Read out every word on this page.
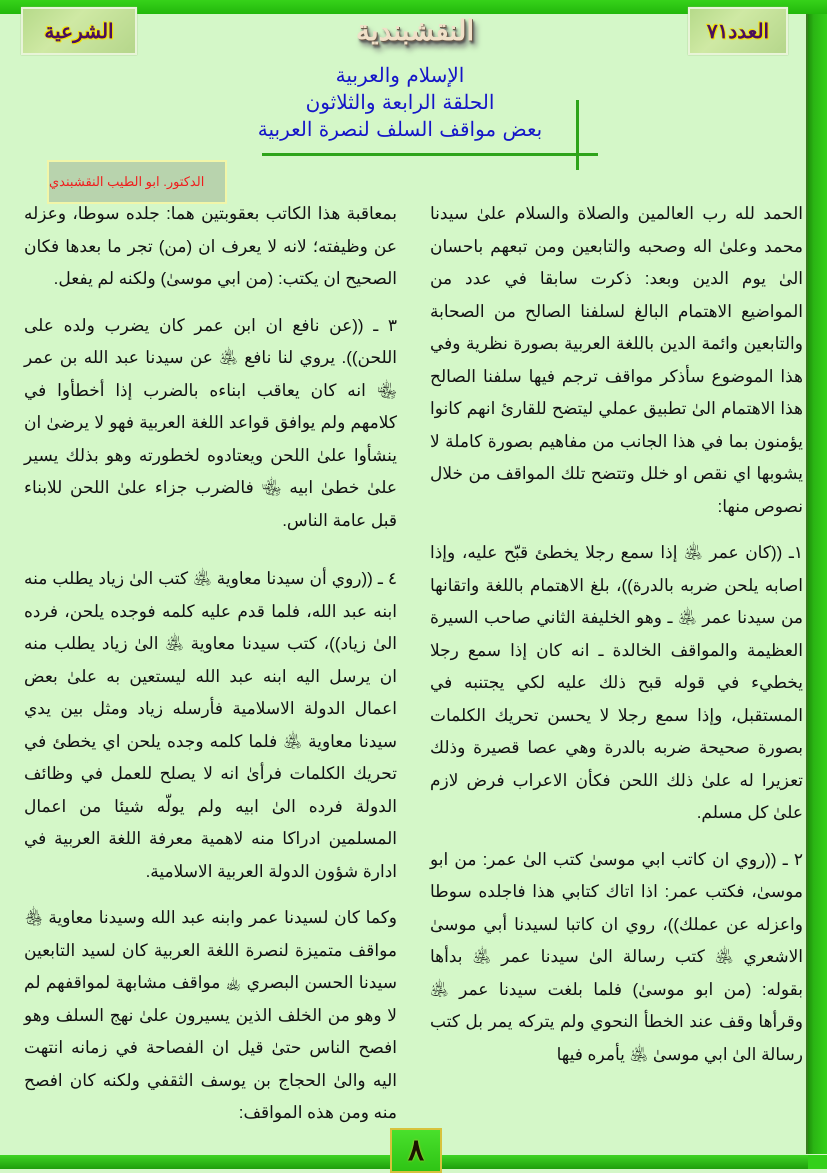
الشرعية	العدد٧١
النقشبندية
الإسلام والعربية
الحلقة الرابعة والثلاثون
بعض مواقف السلف لنصرة العربية
الدكتور. ابو الطيب النقشبندي

الحمد لله رب العالمين والصلاة والسلام علىٰ سيدنا محمد وعلىٰ اله وصحبه والتابعين ومن تبعهم باحسان الىٰ يوم الدين وبعد: ذكرت سابقا في عدد من المواضيع الاهتمام البالغ لسلفنا الصالح من الصحابة والتابعين وائمة الدين باللغة العربية بصورة نظرية وفي هذا الموضوع سأذكر مواقف ترجم فيها سلفنا الصالح هذا الاهتمام الىٰ تطبيق عملي ليتضح للقارئ انهم كانوا يؤمنون بما في هذا الجانب من مفاهيم بصورة كاملة لا يشوبها اي نقص او خلل وتتضح تلك المواقف من خلال نصوص منها:

١ـ ((كان عمر ﵁ إذا سمع رجلا يخطئ قبّح عليه، وإذا اصابه يلحن ضربه بالدرة))، بلغ الاهتمام باللغة واتقانها من سيدنا عمر ﵁ ـ وهو الخليفة الثاني صاحب السيرة العظيمة والمواقف الخالدة ـ انه كان إذا سمع رجلا يخطيء في قوله قبح ذلك عليه لكي يجتنبه في المستقبل، وإذا سمع رجلا لا يحسن تحريك الكلمات بصورة صحيحة ضربه بالدرة وهي عصا قصيرة وذلك تعزيرا له علىٰ ذلك اللحن فكأن الاعراب فرض لازم علىٰ كل مسلم.

٢ ـ ((روي ان كاتب ابي موسىٰ كتب الىٰ عمر: من ابو موسىٰ، فكتب عمر: اذا اتاك كتابي هذا فاجلده سوطا واعزله عن عملك))، روي ان كاتبا لسيدنا أبي موسىٰ الاشعري ﵁ كتب رسالة الىٰ سيدنا عمر ﵁ بدأها بقوله: (من ابو موسىٰ) فلما بلغت سيدنا عمر ﵁ وقرأها وقف عند الخطأ النحوي ولم يتركه يمر بل كتب رسالة الىٰ ابي موسىٰ ﵁ يأمره فيها

بمعاقبة هذا الكاتب بعقوبتين هما: جلده سوطا، وعزله عن وظيفته؛ لانه لا يعرف ان (من) تجر ما بعدها فكان الصحيح ان يكتب: (من ابي موسىٰ) ولكنه لم يفعل.

٣ ـ ((عن نافع ان ابن عمر كان يضرب ولده على اللحن)). يروي لنا نافع ﵁ عن سيدنا عبد الله بن عمر ﵄ انه كان يعاقب ابناءه بالضرب إذا أخطأوا في كلامهم ولم يوافق قواعد اللغة العربية فهو لا يرضىٰ ان ينشأوا علىٰ اللحن ويعتادوه لخطورته وهو بذلك يسير علىٰ خطىٰ ابيه ﵄ فالضرب جزاء علىٰ اللحن للابناء قبل عامة الناس.

٤ ـ ((روي أن سيدنا معاوية ﵁ كتب الىٰ زياد يطلب منه ابنه عبد الله، فلما قدم عليه كلمه فوجده يلحن، فرده الىٰ زياد))، كتب سيدنا معاوية ﵁ الىٰ زياد يطلب منه ان يرسل اليه ابنه عبد الله ليستعين به علىٰ بعض اعمال الدولة الاسلامية فأرسله زياد ومثل بين يدي سيدنا معاوية ﵁ فلما كلمه وجده يلحن اي يخطئ في تحريك الكلمات فرأىٰ انه لا يصلح للعمل في وظائف الدولة فرده الىٰ ابيه ولم يولّه شيئا من اعمال المسلمين ادراكا منه لاهمية معرفة اللغة العربية في ادارة شؤون الدولة العربية الاسلامية.

وكما كان لسيدنا عمر وابنه عبد الله وسيدنا معاوية ﵃ مواقف متميزة لنصرة اللغة العربية كان لسيد التابعين سيدنا الحسن البصري ﵀ مواقف مشابهة لمواقفهم لم لا وهو من الخلف الذين يسيرون علىٰ نهج السلف وهو افصح الناس حتىٰ قيل ان الفصاحة في زمانه انتهت اليه والىٰ الحجاج بن يوسف الثقفي ولكنه كان افصح منه ومن هذه المواقف:

٨
